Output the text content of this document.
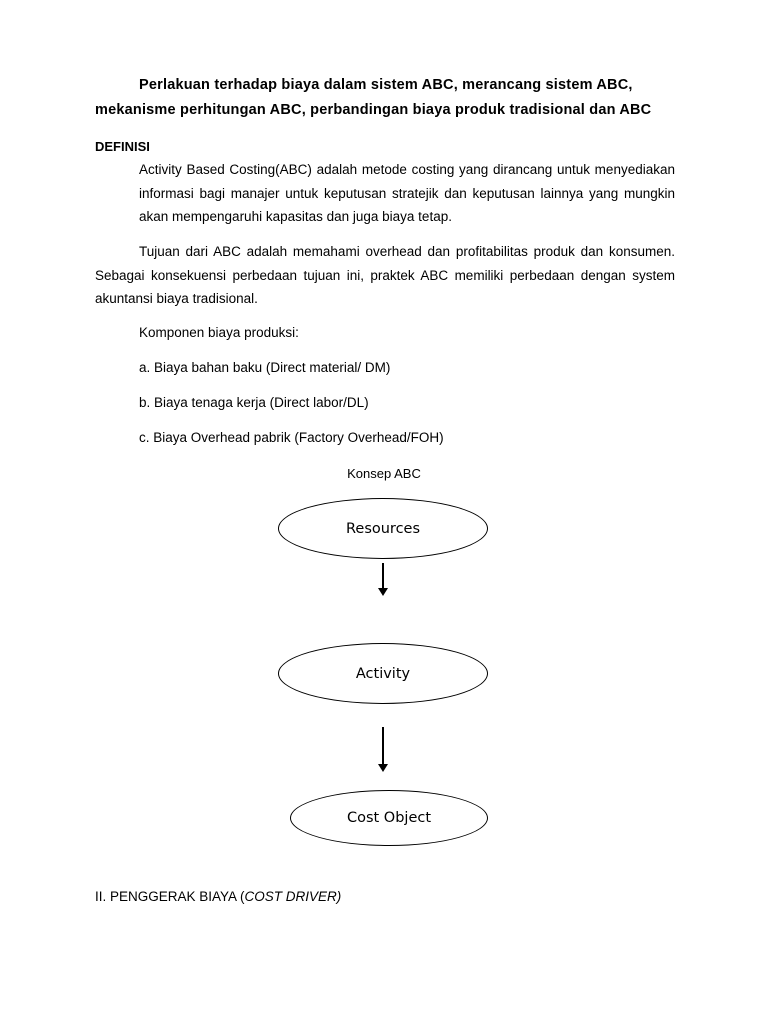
Perlakuan terhadap biaya dalam sistem ABC, merancang sistem ABC,

mekanisme perhitungan ABC, perbandingan biaya produk tradisional dan ABC

DEFINISI

Activity Based Costing(ABC) adalah metode costing yang dirancang untuk menyediakan informasi bagi manajer untuk keputusan stratejik dan keputusan lainnya yang mungkin akan mempengaruhi kapasitas dan juga biaya tetap.

Tujuan dari ABC adalah memahami overhead dan profitabilitas produk dan konsumen. Sebagai konsekuensi perbedaan tujuan ini, praktek ABC memiliki perbedaan dengan system akuntansi biaya tradisional.

Komponen biaya produksi:

a. Biaya bahan baku (Direct material/ DM)

b. Biaya tenaga kerja (Direct labor/DL)

c. Biaya Overhead pabrik (Factory Overhead/FOH)

Konsep ABC

Resources
Activity
Cost Object

II. PENGGERAK BIAYA (COST DRIVER)
